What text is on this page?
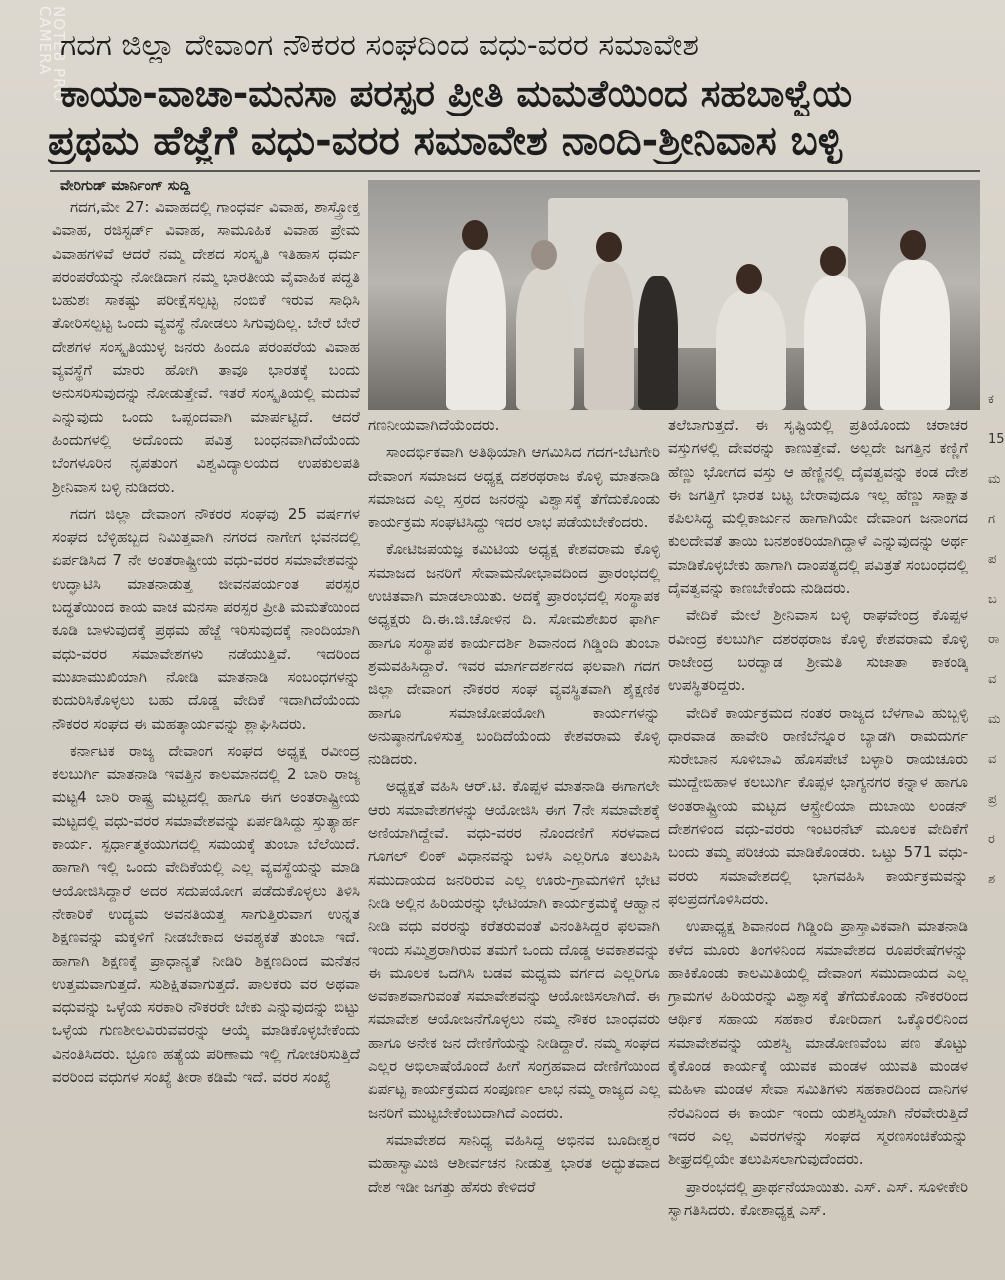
NOTE8 PRO CAMERA ಗದಗ ಜಿಲ್ಲಾ ದೇವಾಂಗ ನೌಕರರ ಸಂಘದಿಂದ ವಧು-ವರರ ಸಮಾವೇಶ
ಕಾಯಾ-ವಾಚಾ-ಮನಸಾ ಪರಸ್ಪರ ಪ್ರೀತಿ ಮಮತೆಯಿಂದ ಸಹಬಾಳ್ವೆಯ
ಪ್ರಥಮ ಹೆಜ್ಜೆಗೆ ವಧು-ವರರ ಸಮಾವೇಶ ನಾಂದಿ-ಶ್ರೀನಿವಾಸ ಬಳ್ಳಿ
ವೇರಿಗುಡ್ ಮಾರ್ನಿಂಗ್ ಸುದ್ದಿ

ಗದಗ,ಮೇ 27: ವಿವಾಹದಲ್ಲಿ ಗಾಂಧರ್ವ ವಿವಾಹ, ಶಾಸ್ತ್ರೋಕ್ತ ವಿವಾಹ, ರಜಿಸ್ಟರ್ಡ್ ವಿವಾಹ, ಸಾಮೂಹಿಕ ವಿವಾಹ ಪ್ರೇಮ ವಿವಾಹಗಳಿವೆ ಆದರೆ ನಮ್ಮ ದೇಶದ ಸಂಸ್ಕೃತಿ ಇತಿಹಾಸ ಧರ್ಮ ಪರಂಪರೆಯನ್ನು ನೋಡಿದಾಗ ನಮ್ಮ ಭಾರತೀಯ ವೈವಾಹಿಕ ಪದ್ಧತಿ ಬಹುಶಃ ಸಾಕಷ್ಟು ಪರೀಕ್ಷೆಸಲ್ಪಟ್ಟ ನಂಬಿಕೆ ಇರುವ ಸಾಧಿಸಿ ತೋರಿಸಲ್ಪಟ್ಟ ಒಂದು ವ್ಯವಸ್ಥೆ ನೋಡಲು ಸಿಗುವುದಿಲ್ಲ. ಬೇರೆ ಬೇರೆ ದೇಶಗಳ ಸಂಸ್ಕೃತಿಯುಳ್ಳ ಜನರು ಹಿಂದೂ ಪರಂಪರೆಯ ವಿವಾಹ ವ್ಯವಸ್ಥೆಗೆ ಮಾರು ಹೋಗಿ ತಾವೂ ಭಾರತಕ್ಕೆ ಬಂದು ಅನುಸರಿಸುವುದನ್ನು ನೋಡುತ್ತೇವೆ. ಇತರೆ ಸಂಸ್ಕೃತಿಯಲ್ಲಿ ಮದುವೆ ಎನ್ನುವುದು ಒಂದು ಒಪ್ಪಂದವಾಗಿ ಮಾರ್ಪಟ್ಟಿದೆ. ಆದರೆ ಹಿಂದುಗಳಲ್ಲಿ ಅದೊಂದು ಪವಿತ್ರ ಬಂಧನವಾಗಿದೆಯೆಂದು ಬೆಂಗಳೂರಿನ ನೃಪತುಂಗ ವಿಶ್ವವಿದ್ಯಾಲಯದ ಉಪಕುಲಪತಿ ಶ್ರೀನಿವಾಸ ಬಳ್ಳಿ ನುಡಿದರು.

ಗದಗ ಜಿಲ್ಲಾ ದೇವಾಂಗ ನೌಕರರ ಸಂಘವು 25 ವರ್ಷಗಳ ಸಂಘದ ಬೆಳ್ಳಿಹಬ್ಬದ ನಿಮಿತ್ತವಾಗಿ ನಗರದ ನಾಗೇಗ ಭವನದಲ್ಲಿ ಏರ್ಪಡಿಸಿದ 7 ನೇ ಅಂತರಾಷ್ಟ್ರೀಯ ವಧು-ವರರ ಸಮಾವೇಶವನ್ನು ಉದ್ಘಾಟಿಸಿ ಮಾತನಾಡುತ್ತ ಜೀವನಪರ್ಯಂತ ಪರಸ್ಪರ ಬದ್ಧತೆಯಿಂದ ಕಾಯ ವಾಚ ಮನಸಾ ಪರಸ್ಪರ ಪ್ರೀತಿ ಮಮತೆಯಿಂದ ಕೂಡಿ ಬಾಳುವುದಕ್ಕೆ ಪ್ರಥಮ ಹೆಜ್ಜೆ ಇರಿಸುವುದಕ್ಕೆ ನಾಂದಿಯಾಗಿ ವಧು-ವರರ ಸಮಾವೇಶಗಳು ನಡೆಯುತ್ತಿವೆ. ಇದರಿಂದ ಮುಖಾಮುಖಿಯಾಗಿ ನೋಡಿ ಮಾತನಾಡಿ ಸಂಬಂಧಗಳನ್ನು ಕುದುರಿಸಿಕೊಳ್ಳಲು ಬಹು ದೊಡ್ಡ ವೇದಿಕೆ ಇದಾಗಿದೆಯೆಂದು ನೌಕರರ ಸಂಘದ ಈ ಮಹತ್ಕಾರ್ಯವನ್ನು ಶ್ಲಾಘಿಸಿದರು.

ಕರ್ನಾಟಕ ರಾಜ್ಯ ದೇವಾಂಗ ಸಂಘದ ಅಧ್ಯಕ್ಷ ರವೀಂದ್ರ ಕಲಬುರ್ಗಿ ಮಾತನಾಡಿ ಇವತ್ತಿನ ಕಾಲಮಾನದಲ್ಲಿ 2 ಬಾರಿ ರಾಜ್ಯ ಮಟ್ಟ4 ಬಾರಿ ರಾಷ್ಟ್ರ ಮಟ್ಟದಲ್ಲಿ ಹಾಗೂ ಈಗ ಅಂತರಾಷ್ಟ್ರೀಯ ಮಟ್ಟದಲ್ಲಿ ವಧು-ವರರ ಸಮಾವೇಶವನ್ನು ಏರ್ಪಡಿಸಿದ್ದು ಸ್ತುತ್ಯಾರ್ಹ ಕಾರ್ಯ. ಸ್ಪರ್ಧಾತ್ಮಕಯುಗದಲ್ಲಿ ಸಮಯಕ್ಕೆ ತುಂಬಾ ಬೆಲೆಯಿದೆ. ಹಾಗಾಗಿ ಇಲ್ಲಿ ಒಂದು ವೇದಿಕೆಯಲ್ಲಿ ಎಲ್ಲ ವ್ಯವಸ್ಥೆಯನ್ನು ಮಾಡಿ ಆಯೋಜಿಸಿದ್ದಾರೆ ಅದರ ಸದುಪಯೋಗ ಪಡೆದುಕೊಳ್ಳಲು ತಿಳಿಸಿ ನೇಕಾರಿಕೆ ಉದ್ಯಮ ಅವನತಿಯತ್ತ ಸಾಗುತ್ತಿರುವಾಗ ಉನ್ನತ ಶಿಕ್ಷಣವನ್ನು ಮಕ್ಕಳಿಗೆ ನೀಡಬೇಕಾದ ಅವಶ್ಯಕತೆ ತುಂಬಾ ಇದೆ. ಹಾಗಾಗಿ ಶಿಕ್ಷಣಕ್ಕೆ ಪ್ರಾಧಾನ್ಯತೆ ನೀಡಿರಿ ಶಿಕ್ಷಣದಿಂದ ಮನೆತನ ಉತ್ತಮವಾಗುತ್ತದೆ. ಸುಶಿಕ್ಷಿತವಾಗುತ್ತದೆ. ಪಾಲಕರು ವರ ಅಥವಾ ವಧುವನ್ನು ಒಳ್ಳೆಯ ಸರಕಾರಿ ನೌಕರರೇ ಬೇಕು ಎನ್ನುವುದನ್ನು ಬಿಟ್ಟು ಒಳ್ಳೆಯ ಗುಣಶೀಲವಿರುವವರನ್ನು ಆಯ್ಕೆ ಮಾಡಿಕೊಳ್ಳಬೇಕೆಂದು ವಿನಂತಿಸಿದರು. ಭ್ರೂಣ ಹತ್ಯೆಯ ಪರಿಣಾಮ ಇಲ್ಲಿ ಗೋಚರಿಸುತ್ತಿದೆ ವರರಿಂದ ವಧುಗಳ ಸಂಖ್ಯೆ ತೀರಾ ಕಡಿಮೆ ಇದೆ. ವರರ ಸಂಖ್ಯೆ

ಗಣನೀಯವಾಗಿದೆಯೆಂದರು.

ಸಾಂದರ್ಭಿಕವಾಗಿ ಅತಿಥಿಯಾಗಿ ಆಗಮಿಸಿದ ಗದಗ-ಬೆಟಗೇರಿ ದೇವಾಂಗ ಸಮಾಜದ ಅಧ್ಯಕ್ಷ ದಶರಥರಾಜ ಕೊಳ್ಳಿ ಮಾತನಾಡಿ ಸಮಾಜದ ಎಲ್ಲ ಸ್ತರದ ಜನರನ್ನು ವಿಶ್ವಾಸಕ್ಕೆ ತೆಗೆದುಕೊಂಡು ಕಾರ್ಯಕ್ರಮ ಸಂಘಟಿಸಿದ್ದು ಇದರ ಲಾಭ ಪಡೆಯಬೇಕೆಂದರು.

ಕೋಟಿಜಪಯಜ್ಞ ಕಮಿಟಿಯ ಅಧ್ಯಕ್ಷ ಕೇಶವರಾಮ ಕೊಳ್ಳಿ ಸಮಾಜದ ಜನರಿಗೆ ಸೇವಾಮನೋಭಾವದಿಂದ ಪ್ರಾರಂಭದಲ್ಲಿ ಉಚಿತವಾಗಿ ಮಾಡಲಾಯಿತು. ಅದಕ್ಕೆ ಪ್ರಾರಂಭದಲ್ಲಿ ಸಂಸ್ಥಾಪಕ ಅಧ್ಯಕ್ಷರು ದಿ.ಈ.ಜಿ.ಚೋಳಿನ ದಿ. ಸೋಮಶೇಖರ ಫಾರ್ಗಿ ಹಾಗೂ ಸಂಸ್ಥಾಪಕ ಕಾರ್ಯದರ್ಶಿ ಶಿವಾನಂದ ಗಿಡ್ಡಿಂದಿ ತುಂಬಾ ಶ್ರಮವಹಿಸಿದ್ದಾರೆ. ಇವರ ಮಾರ್ಗದರ್ಶನದ ಫಲವಾಗಿ ಗದಗ ಜಿಲ್ಲಾ ದೇವಾಂಗ ನೌಕರರ ಸಂಘ ವ್ಯವಸ್ಥಿತವಾಗಿ ಶೈಕ್ಷಣಿಕ ಹಾಗೂ ಸಮಾಜೋಪಯೋಗಿ ಕಾರ್ಯಗಳನ್ನು ಅನುಷ್ಠಾನಗೊಳಿಸುತ್ತ ಬಂದಿದೆಯೆಂದು ಕೇಶವರಾಮ ಕೊಳ್ಳಿ ನುಡಿದರು.

ಅಧ್ಯಕ್ಷತೆ ವಹಿಸಿ ಆರ್.ಟಿ. ಕೊಪ್ಪಳ ಮಾತನಾಡಿ ಈಗಾಗಲೇ ಆರು ಸಮಾವೇಶಗಳನ್ನು ಆಯೋಜಿಸಿ ಈಗ 7ನೇ ಸಮಾವೇಶಕ್ಕೆ ಅಣಿಯಾಗಿದ್ದೇವೆ. ವಧು-ವರರ ನೊಂದಣಿಗೆ ಸರಳವಾದ ಗೂಗಲ್ ಲಿಂಕ್ ವಿಧಾನವನ್ನು ಬಳಸಿ ಎಲ್ಲರಿಗೂ ತಲುಪಿಸಿ ಸಮುದಾಯದ ಜನರಿರುವ ಎಲ್ಲ ಊರು-ಗ್ರಾಮಗಳಿಗೆ ಭೇಟಿ ನೀಡಿ ಅಲ್ಲಿನ ಹಿರಿಯರನ್ನು ಭೇಟಿಯಾಗಿ ಕಾರ್ಯಕ್ರಮಕ್ಕೆ ಆಹ್ವಾನ ನೀಡಿ ವಧು ವರರನ್ನು ಕರೆತರುವಂತೆ ವಿನಂತಿಸಿದ್ದರ ಫಲವಾಗಿ ಇಂದು ಸಮ್ಮಿಶ್ರರಾಗಿರುವ ತಮಗೆ ಒಂದು ದೊಡ್ಡ ಅವಕಾಶವನ್ನು ಈ ಮೂಲಕ ಒದಗಿಸಿ ಬಡವ ಮಧ್ಯಮ ವರ್ಗದ ಎಲ್ಲರಿಗೂ ಅವಕಾಶವಾಗುವಂತೆ ಸಮಾವೇಶವನ್ನು ಆಯೋಜಿಸಲಾಗಿದೆ. ಈ ಸಮಾವೇಶ ಆಯೋಜನೆಗೊಳ್ಳಲು ನಮ್ಮ ನೌಕರ ಬಾಂಧವರು ಹಾಗೂ ಅನೇಕ ಜನ ದೇಣಿಗೆಯನ್ನು ನೀಡಿದ್ದಾರೆ. ನಮ್ಮ ಸಂಘದ ಎಲ್ಲರ ಅಭಿಲಾಷೆಯೊಂದೆ ಹೀಗೆ ಸಂಗ್ರಹವಾದ ದೇಣಿಗೆಯಿಂದ ಏರ್ಪಟ್ಟ ಕಾರ್ಯಕ್ರಮದ ಸಂಪೂರ್ಣ ಲಾಭ ನಮ್ಮ ರಾಜ್ಯದ ಎಲ್ಲ ಜನರಿಗೆ ಮುಟ್ಟಬೇಕೆಂಬುದಾಗಿದೆ ಎಂದರು.

ಸಮಾವೇಶದ ಸಾನಿಧ್ಯ ವಹಿಸಿದ್ದ ಅಭಿನವ ಬೂದೀಶ್ವರ ಮಹಾಸ್ವಾಮಿಜಿ ಆಶೀರ್ವಚನ ನೀಡುತ್ತ ಭಾರತ ಅದ್ಭುತವಾದ ದೇಶ ಇಡೀ ಜಗತ್ತು ಹೆಸರು ಕೇಳಿದರೆ

ತಲೆಬಾಗುತ್ತದೆ. ಈ ಸೃಷ್ಟಿಯಲ್ಲಿ ಪ್ರತಿಯೊಂದು ಚರಾಚರ ವಸ್ತುಗಳಲ್ಲಿ ದೇವರನ್ನು ಕಾಣುತ್ತೇವೆ. ಅಲ್ಲದೇ ಜಗತ್ತಿನ ಕಣ್ಣಿಗೆ ಹೆಣ್ಣು ಭೋಗದ ವಸ್ತು ಆ ಹೆಣ್ಣಿನಲ್ಲಿ ದೈವತ್ವವನ್ನು ಕಂಡ ದೇಶ ಈ ಜಗತ್ತಿಗೆ ಭಾರತ ಬಟ್ಟ ಬೇರಾವುದೂ ಇಲ್ಲ ಹೆಣ್ಣು ಸಾಕ್ಷಾತ ಕಪಿಲಸಿದ್ಧ ಮಲ್ಲಿಕಾರ್ಜುನ ಹಾಗಾಗಿಯೇ ದೇವಾಂಗ ಜನಾಂಗದ ಕುಲದೇವತೆ ತಾಯಿ ಬನಶಂಕರಿಯಾಗಿದ್ದಾಳೆ ಎನ್ನುವುದನ್ನು ಅರ್ಥ ಮಾಡಿಕೊಳ್ಳಬೇಕು ಹಾಗಾಗಿ ದಾಂಪತ್ಯದಲ್ಲಿ ಪವಿತ್ರತೆ ಸಂಬಂಧದಲ್ಲಿ ದೈವತ್ವವನ್ನು ಕಾಣಬೇಕೆಂದು ನುಡಿದರು.

ವೇದಿಕೆ ಮೇಲೆ ಶ್ರೀನಿವಾಸ ಬಳ್ಳಿ ರಾಘವೇಂದ್ರ ಕೊಪ್ಪಳ ರವೀಂದ್ರ ಕಲಬುರ್ಗಿ ದಶರಥರಾಜ ಕೊಳ್ಳಿ ಕೇಶವರಾಮ ಕೊಳ್ಳಿ ರಾಜೇಂದ್ರ ಬರದ್ವಾಡ ಶ್ರೀಮತಿ ಸುಜಾತಾ ಕಾಕಂಡ್ಕಿ ಉಪಸ್ಥಿತರಿದ್ದರು.

ವೇದಿಕೆ ಕಾರ್ಯಕ್ರಮದ ನಂತರ ರಾಜ್ಯದ ಬೆಳಗಾವಿ ಹುಬ್ಬಳ್ಳಿ ಧಾರವಾಡ ಹಾವೇರಿ ರಾಣಿಬೆನ್ನೂರ ಬ್ಯಾಡಗಿ ರಾಮದುರ್ಗ ಸುರೇಬಾನ ಸೂಳಿಬಾವಿ ಹೊಸಪೇಟೆ ಬಳ್ಳಾರಿ ರಾಯಚೂರು ಮುದ್ದೇಬಿಹಾಳ ಕಲಬುರ್ಗಿ ಕೊಪ್ಪಳ ಭಾಗ್ಯನಗರ ಕನ್ನಾಳ ಹಾಗೂ ಅಂತರಾಷ್ಟ್ರೀಯ ಮಟ್ಟದ ಆಸ್ಟ್ರೇಲಿಯಾ ದುಬಾಯಿ ಲಂಡನ್ ದೇಶಗಳಿಂದ ವಧು-ವರರು ಇಂಟರನೆಟ್ ಮೂಲಕ ವೇದಿಕೆಗೆ ಬಂದು ತಮ್ಮ ಪರಿಚಯ ಮಾಡಿಕೊಂಡರು. ಒಟ್ಟು 571 ವಧು-ವರರು ಸಮಾವೇಶದಲ್ಲಿ ಭಾಗವಹಿಸಿ ಕಾರ್ಯಕ್ರಮವನ್ನು ಫಲಪ್ರದಗೊಳಿಸಿದರು.

ಉಪಾಧ್ಯಕ್ಷ ಶಿವಾನಂದ ಗಿಡ್ಡಿಂದಿ ಪ್ರಾಸ್ತಾವಿಕವಾಗಿ ಮಾತನಾಡಿ ಕಳೆದ ಮೂರು ತಿಂಗಳಿನಿಂದ ಸಮಾವೇಶದ ರೂಪರೇಷೆಗಳನ್ನು ಹಾಕಿಕೊಂಡು ಕಾಲಮಿತಿಯಲ್ಲಿ ದೇವಾಂಗ ಸಮುದಾಯದ ಎಲ್ಲ ಗ್ರಾಮಗಳ ಹಿರಿಯರನ್ನು ವಿಶ್ವಾಸಕ್ಕೆ ತೆಗೆದುಕೊಂಡು ನೌಕರರಿಂದ ಆರ್ಥಿಕ ಸಹಾಯ ಸಹಕಾರ ಕೋರಿದಾಗ ಒಕ್ಕೊರಲಿನಿಂದ ಸಮಾವೇಶವನ್ನು ಯಶಸ್ವಿ ಮಾಡೋಣವೆಂಬ ಪಣ ತೊಟ್ಟು ಕೈಕೊಂಡ ಕಾರ್ಯಕ್ಕೆ ಯುವಕ ಮಂಡಳ ಯುವತಿ ಮಂಡಳ ಮಹಿಳಾ ಮಂಡಳ ಸೇವಾ ಸಮಿತಿಗಳು ಸಹಕಾರದಿಂದ ದಾನಿಗಳ ನೆರವಿನಿಂದ ಈ ಕಾರ್ಯ ಇಂದು ಯಶಸ್ವಿಯಾಗಿ ನೆರವೇರುತ್ತಿದೆ ಇದರ ಎಲ್ಲ ವಿವರಗಳನ್ನು ಸಂಘದ ಸ್ಮರಣಸಂಚಿಕೆಯನ್ನು ಶೀಘ್ರದಲ್ಲಿಯೇ ತಲುಪಿಸಲಾಗುವುದೆಂದರು.

ಪ್ರಾರಂಭದಲ್ಲಿ ಪ್ರಾರ್ಥನೆಯಾಯಿತು. ಎಸ್. ಎಸ್. ಸೂಳೀಕೇರಿ ಸ್ವಾಗತಿಸಿದರು. ಕೋಶಾಧ್ಯಕ್ಷ ಎಸ್.

ಕ
15
ಮ
ಗ
ಪ
ಬ
ರಾ
ವ
ಮ
ವ
ಪ್ರ
ರ
ಶ
